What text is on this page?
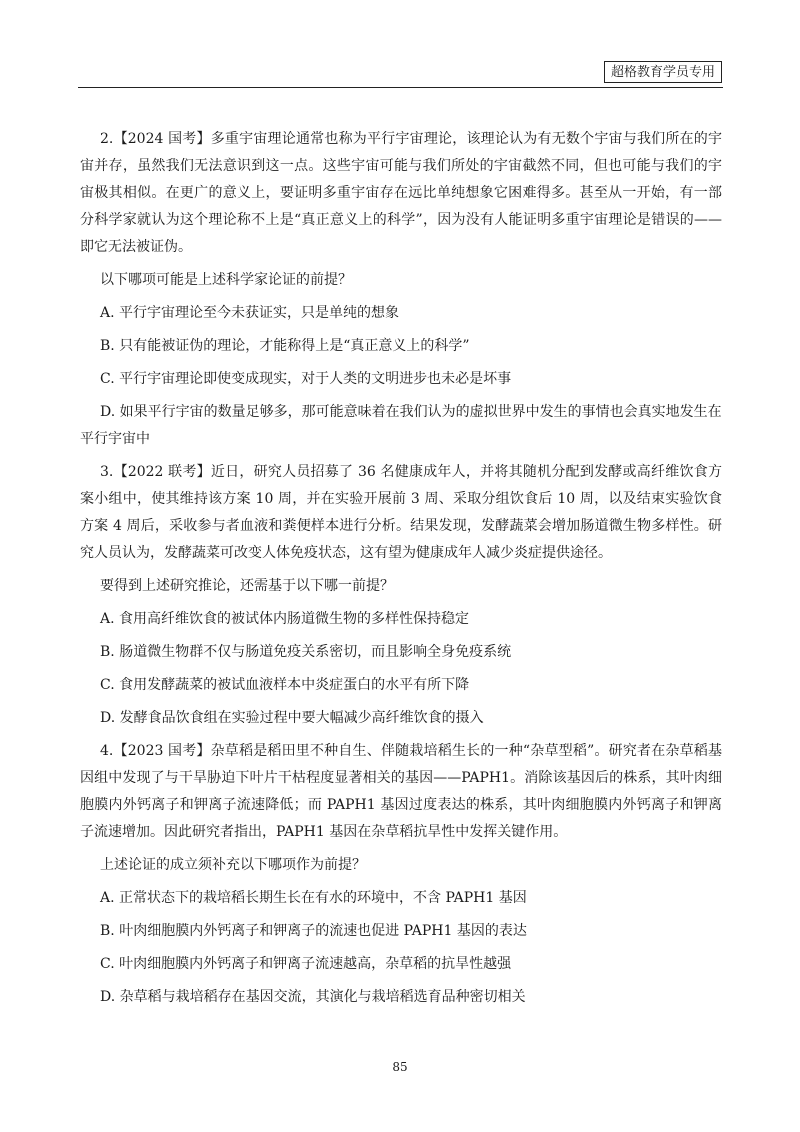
超格教育学员专用

2.【2024 国考】多重宇宙理论通常也称为平行宇宙理论，该理论认为有无数个宇宙与我们所在的宇宙并存，虽然我们无法意识到这一点。这些宇宙可能与我们所处的宇宙截然不同，但也可能与我们的宇宙极其相似。在更广的意义上，要证明多重宇宙存在远比单纯想象它困难得多。甚至从一开始，有一部分科学家就认为这个理论称不上是“真正意义上的科学”，因为没有人能证明多重宇宙理论是错误的——即它无法被证伪。

以下哪项可能是上述科学家论证的前提？

A. 平行宇宙理论至今未获证实，只是单纯的想象

B. 只有能被证伪的理论，才能称得上是“真正意义上的科学”

C. 平行宇宙理论即使变成现实，对于人类的文明进步也未必是坏事

D. 如果平行宇宙的数量足够多，那可能意味着在我们认为的虚拟世界中发生的事情也会真实地发生在平行宇宙中

3.【2022 联考】近日，研究人员招募了 36 名健康成年人，并将其随机分配到发酵或高纤维饮食方案小组中，使其维持该方案 10 周，并在实验开展前 3 周、采取分组饮食后 10 周，以及结束实验饮食方案 4 周后，采收参与者血液和粪便样本进行分析。结果发现，发酵蔬菜会增加肠道微生物多样性。研究人员认为，发酵蔬菜可改变人体免疫状态，这有望为健康成年人减少炎症提供途径。

要得到上述研究推论，还需基于以下哪一前提？

A. 食用高纤维饮食的被试体内肠道微生物的多样性保持稳定

B. 肠道微生物群不仅与肠道免疫关系密切，而且影响全身免疫系统

C. 食用发酵蔬菜的被试血液样本中炎症蛋白的水平有所下降

D. 发酵食品饮食组在实验过程中要大幅减少高纤维饮食的摄入

4.【2023 国考】杂草稻是稻田里不种自生、伴随栽培稻生长的一种“杂草型稻”。研究者在杂草稻基因组中发现了与干旱胁迫下叶片干枯程度显著相关的基因——PAPH1。消除该基因后的株系，其叶肉细胞膜内外钙离子和钾离子流速降低；而 PAPH1 基因过度表达的株系，其叶肉细胞膜内外钙离子和钾离子流速增加。因此研究者指出，PAPH1 基因在杂草稻抗旱性中发挥关键作用。

上述论证的成立须补充以下哪项作为前提？

A. 正常状态下的栽培稻长期生长在有水的环境中，不含 PAPH1 基因

B. 叶肉细胞膜内外钙离子和钾离子的流速也促进 PAPH1 基因的表达

C. 叶肉细胞膜内外钙离子和钾离子流速越高，杂草稻的抗旱性越强

D. 杂草稻与栽培稻存在基因交流，其演化与栽培稻选育品种密切相关

85
